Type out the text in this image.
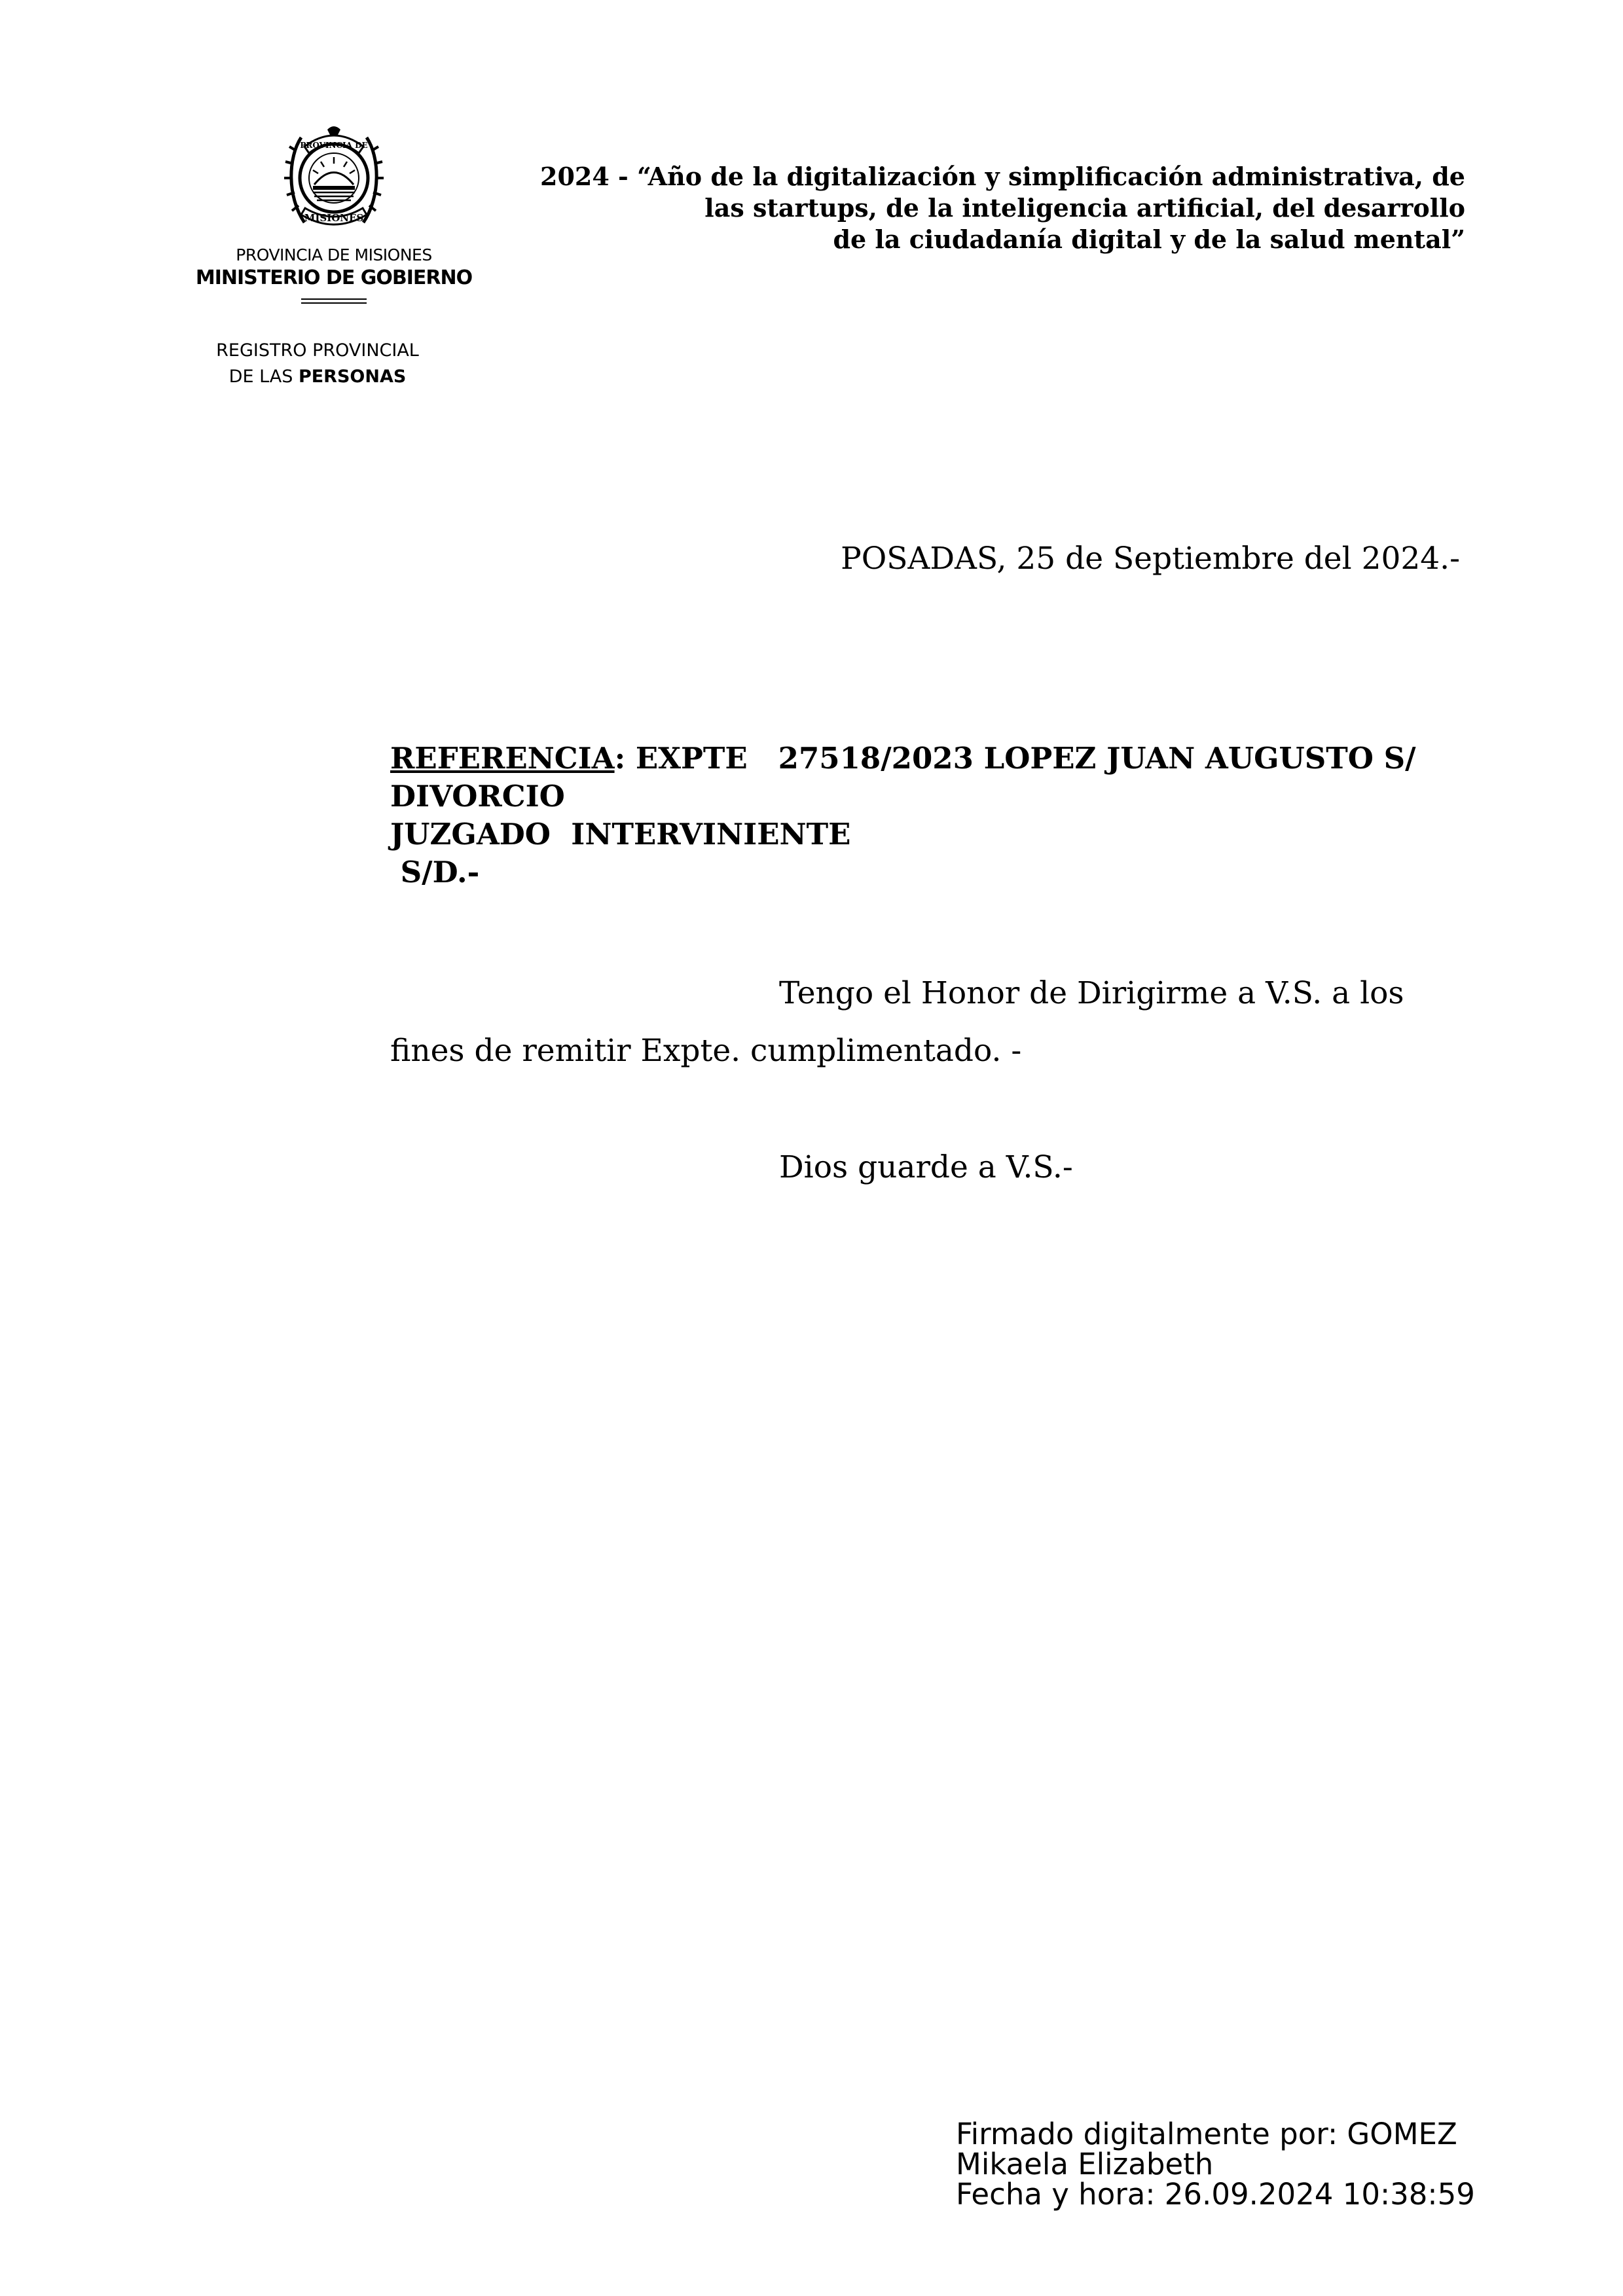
PROVINCIA DE
MISIONES
PROVINCIA DE MISIONES
MINISTERIO DE GOBIERNO
REGISTRO PROVINCIAL
DE LAS PERSONAS
2024 - “Año de la digitalización y simplificación administrativa, de
las startups, de la inteligencia artificial, del desarrollo
de la ciudadanía digital y de la salud mental”
POSADAS, 25 de Septiembre del 2024.-
REFERENCIA: EXPTE   27518/2023 LOPEZ JUAN AUGUSTO S/
DIVORCIO
JUZGADO  INTERVINIENTE
S/D.-
Tengo el Honor de Dirigirme a V.S. a los
fines de remitir Expte. cumplimentado. -
Dios guarde a V.S.-
Firmado digitalmente por: GOMEZ
Mikaela Elizabeth
Fecha y hora: 26.09.2024 10:38:59
